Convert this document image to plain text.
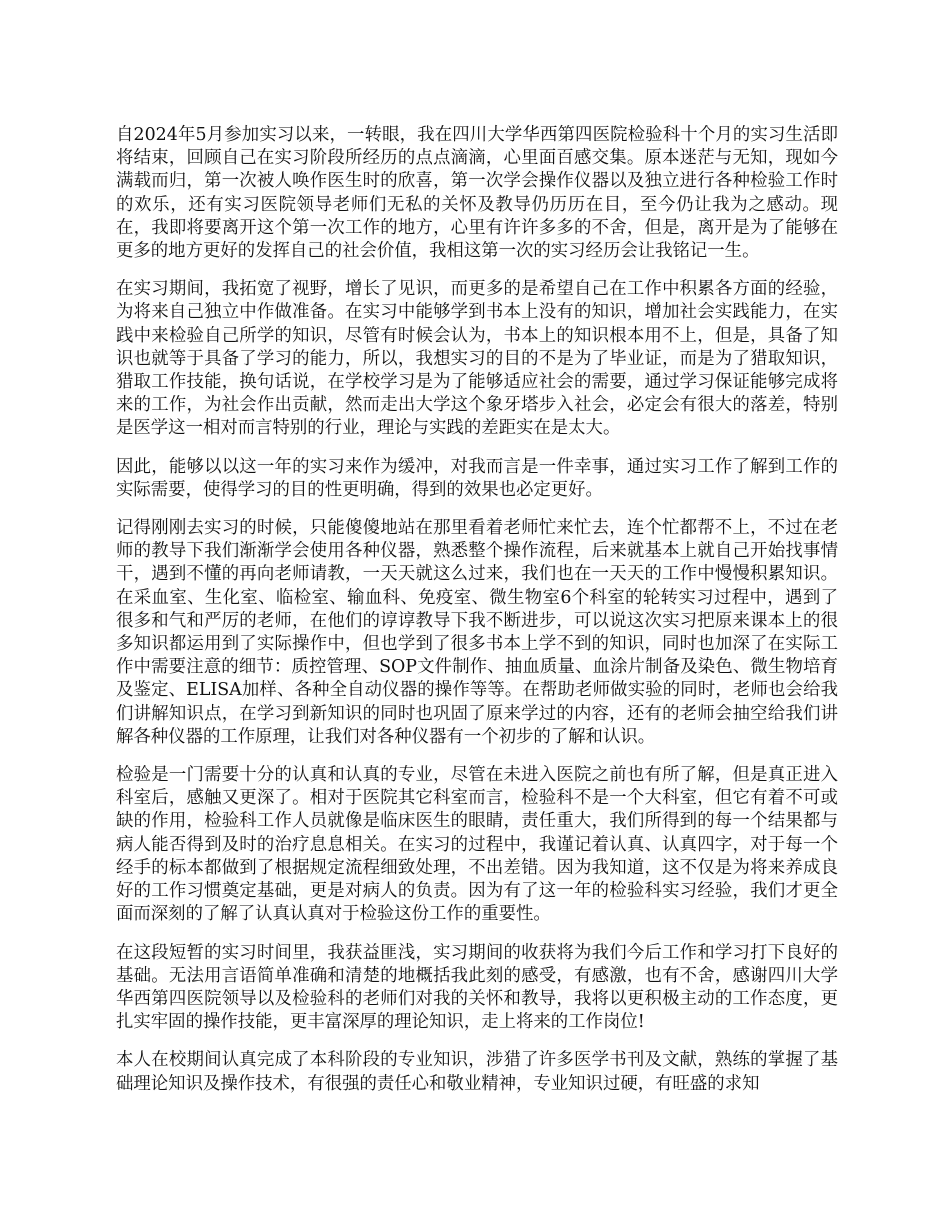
自2024年5月参加实习以来，一转眼，我在四川大学华西第四医院检验科十个月的实习生活即将结束，回顾自己在实习阶段所经历的点点滴滴，心里面百感交集。原本迷茫与无知，现如今满载而归，第一次被人唤作医生时的欣喜，第一次学会操作仪器以及独立进行各种检验工作时的欢乐，还有实习医院领导老师们无私的关怀及教导仍历历在目，至今仍让我为之感动。现在，我即将要离开这个第一次工作的地方，心里有许许多多的不舍，但是，离开是为了能够在更多的地方更好的发挥自己的社会价值，我相这第一次的实习经历会让我铭记一生。

在实习期间，我拓宽了视野，增长了见识，而更多的是希望自己在工作中积累各方面的经验，为将来自己独立中作做准备。在实习中能够学到书本上没有的知识，增加社会实践能力，在实践中来检验自己所学的知识，尽管有时候会认为，书本上的知识根本用不上，但是，具备了知识也就等于具备了学习的能力，所以，我想实习的目的不是为了毕业证，而是为了猎取知识，猎取工作技能，换句话说，在学校学习是为了能够适应社会的需要，通过学习保证能够完成将来的工作，为社会作出贡献，然而走出大学这个象牙塔步入社会，必定会有很大的落差，特别是医学这一相对而言特别的行业，理论与实践的差距实在是太大。

因此，能够以以这一年的实习来作为缓冲，对我而言是一件幸事，通过实习工作了解到工作的实际需要，使得学习的目的性更明确，得到的效果也必定更好。

记得刚刚去实习的时候，只能傻傻地站在那里看着老师忙来忙去，连个忙都帮不上，不过在老师的教导下我们渐渐学会使用各种仪器，熟悉整个操作流程，后来就基本上就自己开始找事情干，遇到不懂的再向老师请教，一天天就这么过来，我们也在一天天的工作中慢慢积累知识。 在采血室、生化室、临检室、输血科、免疫室、微生物室6个科室的轮转实习过程中，遇到了很多和气和严厉的老师，在他们的谆谆教导下我不断进步，可以说这次实习把原来课本上的很多知识都运用到了实际操作中，但也学到了很多书本上学不到的知识，同时也加深了在实际工作中需要注意的细节：质控管理、SOP文件制作、抽血质量、血涂片制备及染色、微生物培育及鉴定、ELISA加样、各种全自动仪器的操作等等。在帮助老师做实验的同时，老师也会给我们讲解知识点，在学习到新知识的同时也巩固了原来学过的内容，还有的老师会抽空给我们讲解各种仪器的工作原理，让我们对各种仪器有一个初步的了解和认识。

检验是一门需要十分的认真和认真的专业，尽管在未进入医院之前也有所了解，但是真正进入科室后，感触又更深了。相对于医院其它科室而言，检验科不是一个大科室，但它有着不可或缺的作用，检验科工作人员就像是临床医生的眼睛，责任重大，我们所得到的每一个结果都与病人能否得到及时的治疗息息相关。在实习的过程中，我谨记着认真、认真四字，对于每一个经手的标本都做到了根据规定流程细致处理，不出差错。因为我知道，这不仅是为将来养成良好的工作习惯奠定基础，更是对病人的负责。因为有了这一年的检验科实习经验，我们才更全面而深刻的了解了认真认真对于检验这份工作的重要性。

在这段短暂的实习时间里，我获益匪浅，实习期间的收获将为我们今后工作和学习打下良好的基础。无法用言语简单准确和清楚的地概括我此刻的感受，有感激，也有不舍，感谢四川大学华西第四医院领导以及检验科的老师们对我的关怀和教导，我将以更积极主动的工作态度，更扎实牢固的操作技能，更丰富深厚的理论知识，走上将来的工作岗位!

本人在校期间认真完成了本科阶段的专业知识，涉猎了许多医学书刊及文献，熟练的掌握了基础理论知识及操作技术，有很强的责任心和敬业精神，专业知识过硬，有旺盛的求知
